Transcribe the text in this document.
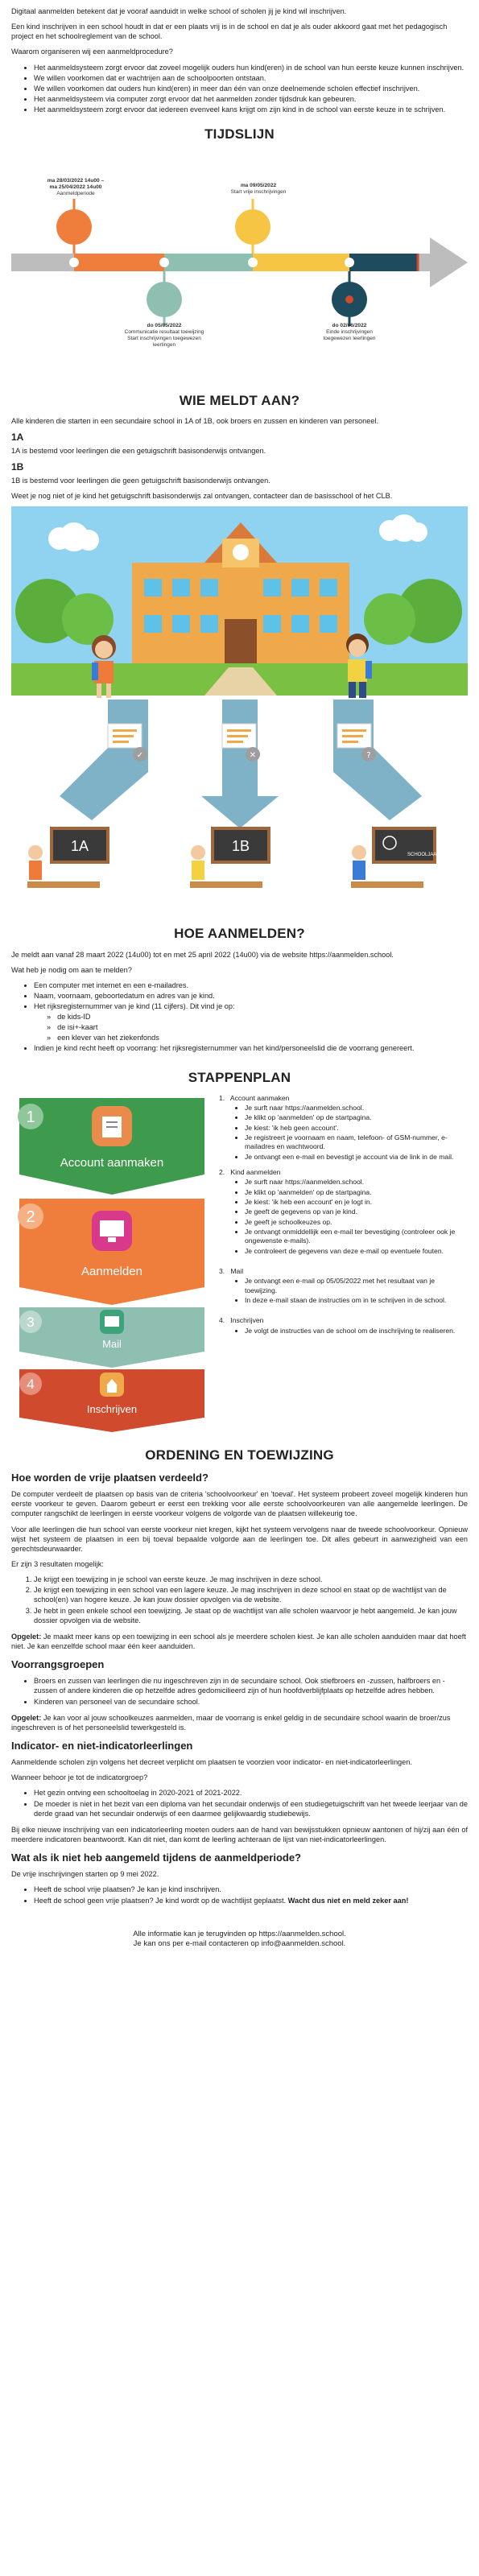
Digitaal aanmelden betekent dat je vooraf aanduidt in welke school of scholen jij je kind wil inschrijven.

Een kind inschrijven in een school houdt in dat er een plaats vrij is in de school en dat je als ouder akkoord gaat met het pedagogisch project en het schoolreglement van de school.

Waarom organiseren wij een aanmeldprocedure?

• Het aanmeldsysteem zorgt ervoor dat zoveel mogelijk ouders hun kind(eren) in de school van hun eerste keuze kunnen inschrijven.
• We willen voorkomen dat er wachtrijen aan de schoolpoorten ontstaan.
• We willen voorkomen dat ouders hun kind(eren) in meer dan één van onze deelnemende scholen effectief inschrijven.
• Het aanmeldsysteem via computer zorgt ervoor dat het aanmelden zonder tijdsdruk kan gebeuren.
• Het aanmeldsysteem zorgt ervoor dat iedereen evenveel kans krijgt om zijn kind in de school van eerste keuze in te schrijven.
TIJDSLIJN
ma 28/03/2022 14u00 –
ma 25/04/2022 14u00
Aanmeldperiode
ma 09/05/2022
Start vrije inschrijvingen
do 05/05/2022
Communicatie resultaat toewijzing
Start inschrijvingen toegewezen leerlingen
do 02/06/2022
Einde inschrijvingen
toegewezen leerlingen
WIE MELDT AAN?

Alle kinderen die starten in een secundaire school in 1A of 1B, ook broers en zussen en kinderen van personeel.

1A

1A is bestemd voor leerlingen die een getuigschrift basisonderwijs ontvangen.

1B

1B is bestemd voor leerlingen die geen getuigschrift basisonderwijs ontvangen.

Weet je nog niet of je kind het getuigschrift basisonderwijs zal ontvangen, contacteer dan de basisschool of het CLB.

✓	✕	?
1A	1B
SCHOOLJAAR
HOE AANMELDEN?

Je meldt aan vanaf 28 maart 2022 (14u00) tot en met 25 april 2022 (14u00) via de website https://aanmelden.school.

Wat heb je nodig om aan te melden?

• Een computer met internet en een e-mailadres.
• Naam, voornaam, geboortedatum en adres van je kind.
• Het rijksregisternummer van je kind (11 cijfers). Dit vind je op:
» de kids-ID
» de isi+-kaart
» een klever van het ziekenfonds
• Indien je kind recht heeft op voorrang: het rijksregisternummer van het kind/personeelslid die de voorrang genereert.
STAPPENPLAN
1
Account aanmaken
2
Aanmelden
3
Mail
4
Inschrijven
1.   Account aanmaken
• Je surft naar https://aanmelden.school.
• Je klikt op 'aanmelden' op de startpagina.
• Je kiest: 'ik heb geen account'.
• Je registreert je voornaam en naam, telefoon- of GSM-nummer, e-mailadres en wachtwoord.
• Je ontvangt een e-mail en bevestigt je account via de link in de mail.
2.   Kind aanmelden
• Je surft naar https://aanmelden.school.
• Je klikt op 'aanmelden' op de startpagina.
• Je kiest: 'ik heb een account' en je logt in.
• Je geeft de gegevens op van je kind.
• Je geeft je schoolkeuzes op.
• Je ontvangt onmiddellijk een e-mail ter bevestiging (controleer ook je ongewenste e-mails).
• Je controleert de gegevens van deze e-mail op eventuele fouten.
3.   Mail
• Je ontvangt een e-mail op 05/05/2022 met het resultaat van je toewijzing.
• In deze e-mail staan de instructies om in te schrijven in de school.
4.   Inschrijven
• Je volgt de instructies van de school om de inschrijving te realiseren.
ORDENING EN TOEWIJZING
Hoe worden de vrije plaatsen verdeeld?

De computer verdeelt de plaatsen op basis van de criteria 'schoolvoorkeur' en 'toeval'. Het systeem probeert zoveel mogelijk kinderen hun eerste voorkeur te geven. Daarom gebeurt er eerst een trekking voor alle eerste schoolvoorkeuren van alle aangemelde leerlingen. De computer rangschikt de leerlingen in eerste voorkeur volgens de volgorde van de plaatsen willekeurig toe.

Voor alle leerlingen die hun school van eerste voorkeur niet kregen, kijkt het systeem vervolgens naar de tweede schoolvoorkeur. Opnieuw wijst het systeem de plaatsen in een bij toeval bepaalde volgorde aan de leerlingen toe. Dit alles gebeurt in aanwezigheid van een gerechtsdeurwaarder.

Er zijn 3 resultaten mogelijk:

1. Je krijgt een toewijzing in je school van eerste keuze. Je mag inschrijven in deze school.
2. Je krijgt een toewijzing in een school van een lagere keuze. Je mag inschrijven in deze school en staat op de wachtlijst van de school(en) van hogere keuze. Je kan jouw dossier opvolgen via de website.
3. Je hebt in geen enkele school een toewijzing. Je staat op de wachtlijst van alle scholen waarvoor je hebt aangemeld. Je kan jouw dossier opvolgen via de website.

Opgelet: Je maakt meer kans op een toewijzing in een school als je meerdere scholen kiest. Je kan alle scholen aanduiden maar dat hoeft niet. Je kan eenzelfde school maar één keer aanduiden.

Voorrangsgroepen
• Broers en zussen van leerlingen die nu ingeschreven zijn in de secundaire school. Ook stiefbroers en -zussen, halfbroers en -zussen of andere kinderen die op hetzelfde adres gedomicilieerd zijn of hun hoofdverblijfplaats op hetzelfde adres hebben.
• Kinderen van personeel van de secundaire school.

Opgelet: Je kan voor al jouw schoolkeuzes aanmelden, maar de voorrang is enkel geldig in de secundaire school waarin de broer/zus ingeschreven is of het personeelslid tewerkgesteld is.

Indicator- en niet-indicatorleerlingen

Aanmeldende scholen zijn volgens het decreet verplicht om plaatsen te voorzien voor indicator- en niet-indicatorleerlingen.

Wanneer behoor je tot de indicatorgroep?

• Het gezin ontving een schooltoelag in 2020-2021 of 2021-2022.
• De moeder is niet in het bezit van een diploma van het secundair onderwijs of een studiegetuigschrift van het tweede leerjaar van de derde graad van het secundair onderwijs of een daarmee gelijkwaardig studiebewijs.

Bij elke nieuwe inschrijving van een indicatorleerling moeten ouders aan de hand van bewijsstukken opnieuw aantonen of hij/zij aan één of meerdere indicatoren beantwoordt. Kan dit niet, dan komt de leerling achteraan de lijst van niet-indicatorleerlingen.

Wat als ik niet heb aangemeld tijdens de aanmeldperiode?

De vrije inschrijvingen starten op 9 mei 2022.

• Heeft de school vrije plaatsen? Je kan je kind inschrijven.
• Heeft de school geen vrije plaatsen? Je kind wordt op de wachtlijst geplaatst. Wacht dus niet en meld zeker aan!
Alle informatie kan je terugvinden op https://aanmelden.school.
Je kan ons per e-mail contacteren op info@aanmelden.school.
